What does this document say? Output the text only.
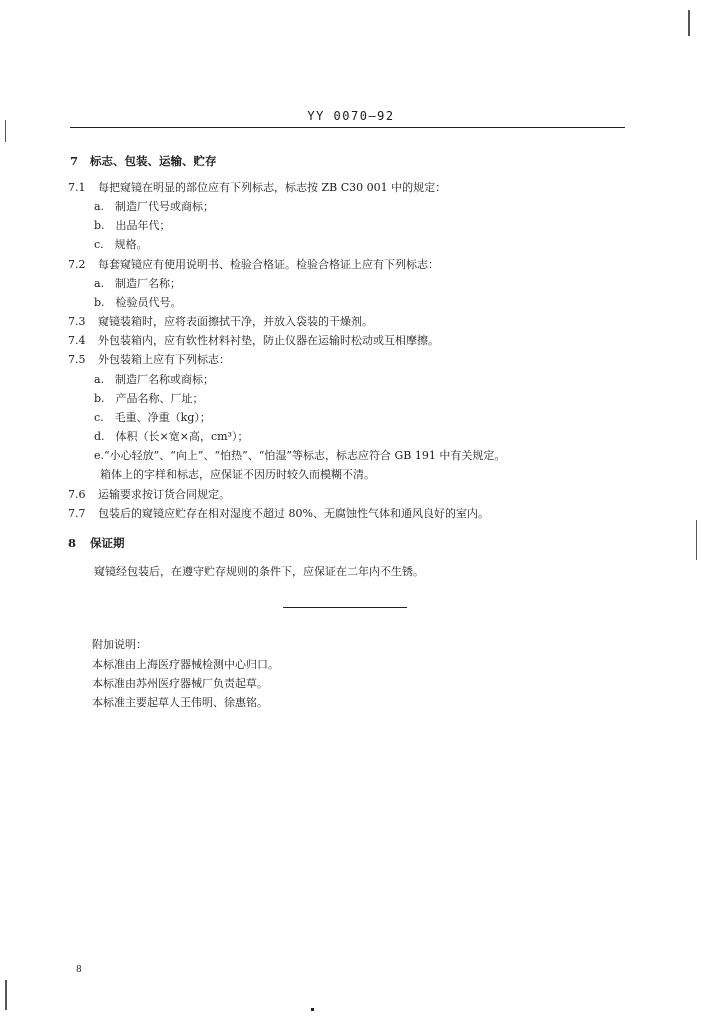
YY 0070—92
7 标志、包装、运输、贮存
7.1 每把窥镜在明显的部位应有下列标志，标志按 ZB C30 001 中的规定：
a.　制造厂代号或商标；
b.　出品年代；
c.　规格。
7.2 每套窥镜应有使用说明书、检验合格证。检验合格证上应有下列标志：
a.　制造厂名称；
b.　检验员代号。
7.3 窥镜装箱时，应将表面擦拭干净，并放入袋装的干燥剂。
7.4 外包装箱内，应有软性材料衬垫，防止仪器在运输时松动或互相摩擦。
7.5 外包装箱上应有下列标志：
a.　制造厂名称或商标；
b.　产品名称、厂址；
c.　毛重、净重（kg）；
d.　体积（长×宽×高，cm³）；
e.“小心轻放”、“向上”、“怕热”、“怕湿”等标志，标志应符合 GB 191 中有关规定。
箱体上的字样和标志，应保证不因历时较久而模糊不清。
7.6 运输要求按订货合同规定。
7.7 包装后的窥镜应贮存在相对湿度不超过 80%、无腐蚀性气体和通风良好的室内。
8 保证期
窥镜经包装后，在遵守贮存规则的条件下，应保证在二年内不生锈。
附加说明：
本标准由上海医疗器械检测中心归口。
本标准由苏州医疗器械厂负责起草。
本标准主要起草人王伟明、徐惠铭。
8
